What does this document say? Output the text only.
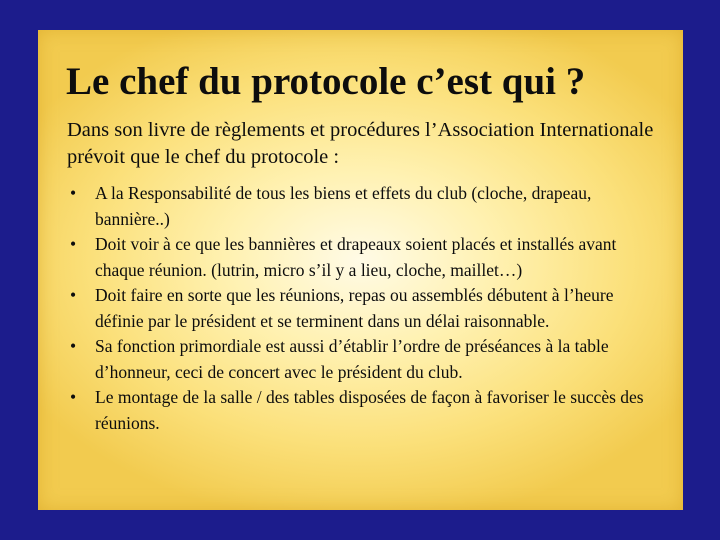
Le chef du protocole c’est qui ?

Dans son livre de règlements et procédures l’Association Internationale prévoit que le chef du protocole :

• A la Responsabilité de tous les biens et effets du club (cloche, drapeau, bannière..)
• Doit voir à ce que les bannières et drapeaux soient placés et installés avant chaque réunion. (lutrin, micro s’il y a lieu, cloche, maillet…)
• Doit faire en sorte que les réunions, repas ou assemblés débutent à l’heure définie par le président et se terminent dans un délai raisonnable.
• Sa fonction primordiale est aussi d’établir l’ordre de préséances à la table d’honneur, ceci de concert avec le président du club.
• Le montage de la salle / des tables disposées de façon à favoriser le succès des réunions.
